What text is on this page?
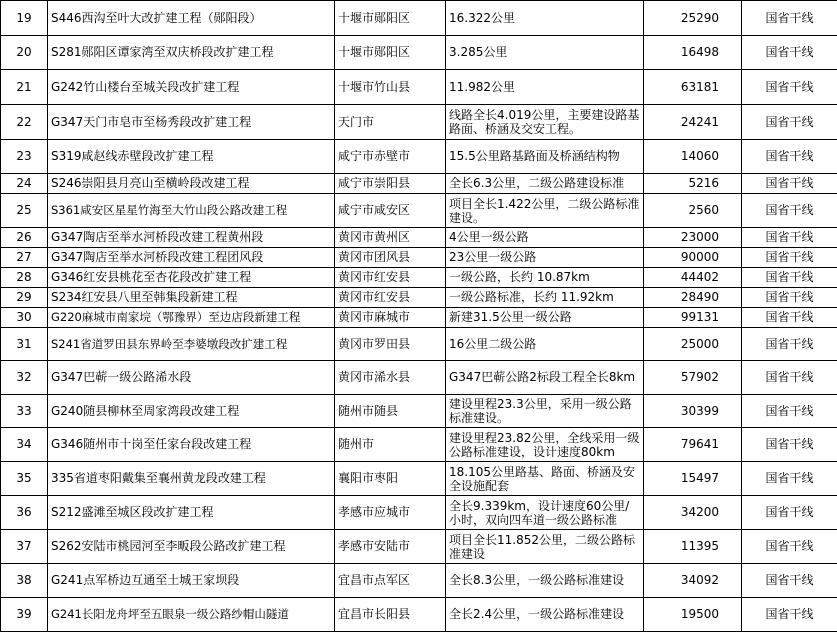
19	S446西沟至叶大改扩建工程（郧阳段）	十堰市郧阳区	16.322公里	25290	国省干线
20	S281郧阳区谭家湾至双庆桥段改扩建工程	十堰市郧阳区	3.285公里	16498	国省干线
21	G242竹山楼台至城关段改扩建工程	十堰市竹山县	11.982公里	63181	国省干线
22	G347天门市皂市至杨秀段改扩建工程	天门市	线路全长4.019公里，主要建设路基路面、桥涵及交安工程。	24241	国省干线
23	S319咸赵线赤壁段改扩建工程	咸宁市赤壁市	15.5公里路基路面及桥涵结构物	14060	国省干线
24	S246崇阳县月亮山至横岭段改建工程	咸宁市崇阳县	全长6.3公里，二级公路建设标准	5216	国省干线
25	S361咸安区星星竹海至大竹山段公路改建工程	咸宁市咸安区	项目全长1.422公里，二级公路标准建设。	2560	国省干线
26	G347陶店至举水河桥段改建工程黄州段	黄冈市黄州区	4公里一级公路	23000	国省干线
27	G347陶店至举水河桥段改建工程团风段	黄冈市团风县	23公里一级公路	90000	国省干线
28	G346红安县桃花至杏花段改扩建工程	黄冈市红安县	一级公路，长约 10.87km	44402	国省干线
29	S234红安县八里至韩集段新建工程	黄冈市红安县	一级公路标准，长约 11.92km	28490	国省干线
30	G220麻城市南家垸（鄂豫界）至边店段新建工程	黄冈市麻城市	新建31.5公里一级公路	99131	国省干线
31	S241省道罗田县东界岭至李婆墩段改扩建工程	黄冈市罗田县	16公里二级公路	25000	国省干线
32	G347巴蕲一级公路浠水段	黄冈市浠水县	G347巴蕲公路2标段工程全长8km	57902	国省干线
33	G240随县柳林至周家湾段改建工程	随州市随县	建设里程23.3公里，采用一级公路标准建设。	30399	国省干线
34	G346随州市十岗至任家台段改建工程	随州市	建设里程23.82公里，全线采用一级公路标准建设，设计速度80km	79641	国省干线
35	335省道枣阳戴集至襄州黄龙段改建工程	襄阳市枣阳	18.105公里路基、路面、桥涵及安全设施配套	15497	国省干线
36	S212盛滩至城区段改扩建工程	孝感市应城市	全长9.339km，设计速度60公里/小时，双向四车道一级公路标准	34200	国省干线
37	S262安陆市桃园河至李畈段公路改扩建工程	孝感市安陆市	项目全长11.852公里，二级公路标准建设	11395	国省干线
38	G241点军桥边互通至土城王家坝段	宜昌市点军区	全长8.3公里，一级公路标准建设	34092	国省干线
39	G241长阳龙舟坪至五眼泉一级公路纱帽山隧道	宜昌市长阳县	全长2.4公里，一级公路标准建设	19500	国省干线
